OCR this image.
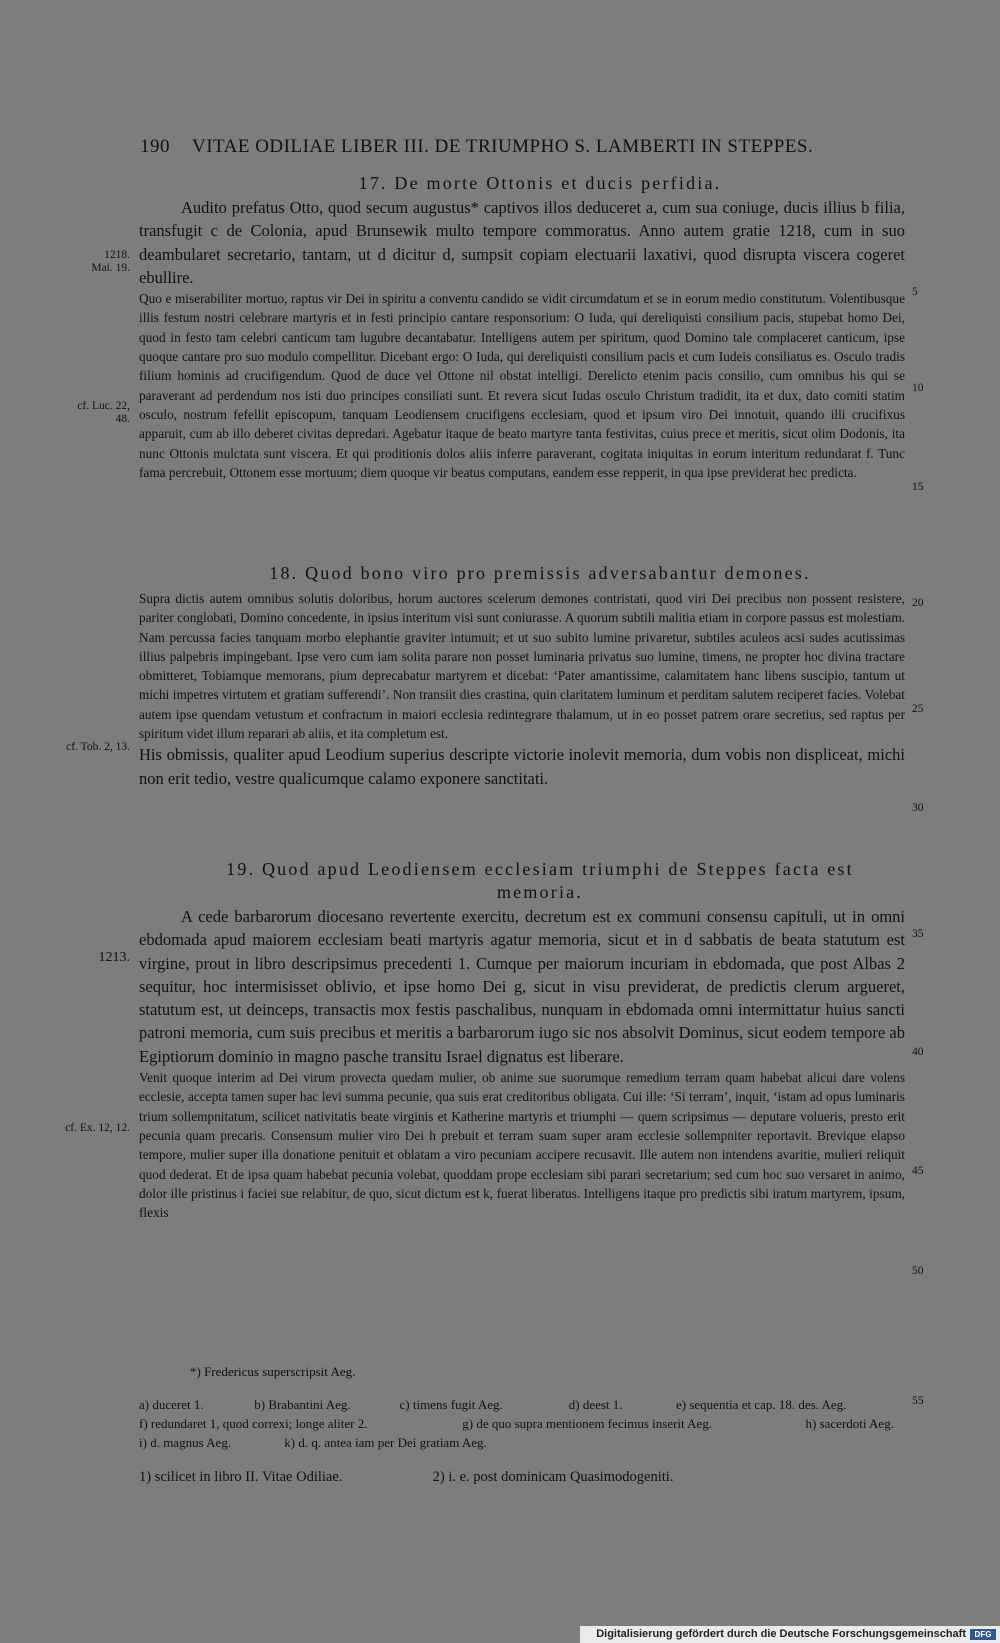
190 VITAE ODILIAE LIBER III. DE TRIUMPHO S. LAMBERTI IN STEPPES.
17. De morte Ottonis et ducis perfidia.

Audito prefatus Otto, quod secum augustus* captivos illos deduceret a, cum sua coniuge, ducis illius b filia, transfugit c de Colonia, apud Brunsewik multo tempore commoratus. Anno autem gratie 1218, cum in suo deambularet secretario, tantam, ut d dicitur d, sumpsit copiam electuarii laxativi, quod disrupta viscera cogeret ebullire.

Quo e miserabiliter mortuo, raptus vir Dei in spiritu a conventu candido se vidit circumdatum et se in eorum medio constitutum. Volentibusque illis festum nostri celebrare martyris et in festi principio cantare responsorium: O Iuda, qui dereliquisti consilium pacis, stupebat homo Dei, quod in festo tam celebri canticum tam lugubre decantabatur. Intelligens autem per spiritum, quod Domino tale complaceret canticum, ipse quoque cantare pro suo modulo compellitur. Dicebant ergo: O Iuda, qui dereliquisti consilium pacis et cum Iudeis consiliatus es. Osculo tradis filium hominis ad crucifigendum. Quod de duce vel Ottone nil obstat intelligi. Derelicto etenim pacis consilio, cum omnibus his qui se paraverant ad perdendum nos isti duo principes consiliati sunt. Et revera sicut Iudas osculo Christum tradidit, ita et dux, dato comiti statim osculo, nostrum fefellit episcopum, tanquam Leodiensem crucifigens ecclesiam, quod et ipsum viro Dei innotuit, quando illi crucifixus apparuit, cum ab illo deberet civitas depredari. Agebatur itaque de beato martyre tanta festivitas, cuius prece et meritis, sicut olim Dodonis, ita nunc Ottonis mulctata sunt viscera. Et qui proditionis dolos aliis inferre paraverant, cogitata iniquitas in eorum interitum redundarat f. Tunc fama percrebuit, Ottonem esse mortuum; diem quoque vir beatus computans, eandem esse repperit, in qua ipse previderat hec predicta.

18. Quod bono viro pro premissis adversabantur demones.

Supra dictis autem omnibus solutis doloribus, horum auctores scelerum demones contristati, quod viri Dei precibus non possent resistere, pariter conglobati, Domino concedente, in ipsius interitum visi sunt coniurasse. A quorum subtili malitia etiam in corpore passus est molestiam. Nam percussa facies tanquam morbo elephantie graviter intumuit; et ut suo subito lumine privaretur, subtiles aculeos acsi sudes acutissimas illius palpebris impingebant. Ipse vero cum iam solita parare non posset luminaria privatus suo lumine, timens, ne propter hoc divina tractare obmitteret, Tobiamque memorans, pium deprecabatur martyrem et dicebat: ‘Pater amantissime, calamitatem hanc libens suscipio, tantum ut michi impetres virtutem et gratiam sufferendi’. Non transiit dies crastina, quin claritatem luminum et perditam salutem reciperet facies. Volebat autem ipse quendam vetustum et confractum in maiori ecclesia redintegrare thalamum, ut in eo posset patrem orare secretius, sed raptus per spiritum videt illum reparari ab aliis, et ita completum est.

His obmissis, qualiter apud Leodium superius descripte victorie inolevit memoria, dum vobis non displiceat, michi non erit tedio, vestre qualicumque calamo exponere sanctitati.

19. Quod apud Leodiensem ecclesiam triumphi de Steppes facta est memoria.

A cede barbarorum diocesano revertente exercitu, decretum est ex communi consensu capituli, ut in omni ebdomada apud maiorem ecclesiam beati martyris agatur memoria, sicut et in d sabbatis de beata statutum est virgine, prout in libro descripsimus precedenti 1. Cumque per maiorum incuriam in ebdomada, que post Albas 2 sequitur, hoc intermisisset oblivio, et ipse homo Dei g, sicut in visu previderat, de predictis clerum argueret, statutum est, ut deinceps, transactis mox festis paschalibus, nunquam in ebdomada omni intermittatur huius sancti patroni memoria, cum suis precibus et meritis a barbarorum iugo sic nos absolvit Dominus, sicut eodem tempore ab Egiptiorum dominio in magno pasche transitu Israel dignatus est liberare.

Venit quoque interim ad Dei virum provecta quedam mulier, ob anime sue suorumque remedium terram quam habebat alicui dare volens ecclesie, accepta tamen super hac levi summa pecunie, qua suis erat creditoribus obligata. Cui ille: ‘Si terram’, inquit, ‘istam ad opus luminaris trium sollempnitatum, scilicet nativitatis beate virginis et Katherine martyris et triumphi — quem scripsimus — deputare volueris, presto erit pecunia quam precaris. Consensum mulier viro Dei h prebuit et terram suam super aram ecclesie sollempniter reportavit. Brevique elapso tempore, mulier super illa donatione penituit et oblatam a viro pecuniam accipere recusavit. Ille autem non intendens avaritie, mulieri reliquit quod dederat. Et de ipsa quam habebat pecunia volebat, quoddam prope ecclesiam sibi parari secretarium; sed cum hoc suo versaret in animo, dolor ille pristinus i faciei sue relabitur, de quo, sicut dictum est k, fuerat liberatus. Intelligens itaque pro predictis sibi iratum martyrem, ipsum, flexis

1218.
Mai. 19.
cf. Luc. 22,
48.
cf. Tob. 2, 13.
1213.
cf. Ex. 12, 12.
5
10
15
20
25
30
35
40
45
50
55
*) Fredericus superscripsit Aeg.
a) duceret 1.	b) Brabantini Aeg.	c) timens fugit Aeg.	d) deest 1.	e) sequentia et cap. 18. des. Aeg.
f) redundaret 1, quod correxi; longe aliter 2.	g) de quo supra mentionem fecimus inserit Aeg.	h) sacerdoti Aeg.
i) d. magnus Aeg.	k) d. q. antea iam per Dei gratiam Aeg.
1) scilicet in libro II. Vitae Odiliae.	2) i. e. post dominicam Quasimodogeniti.
Digitalisierung gefördert durch die Deutsche Forschungsgemeinschaft	DFG
